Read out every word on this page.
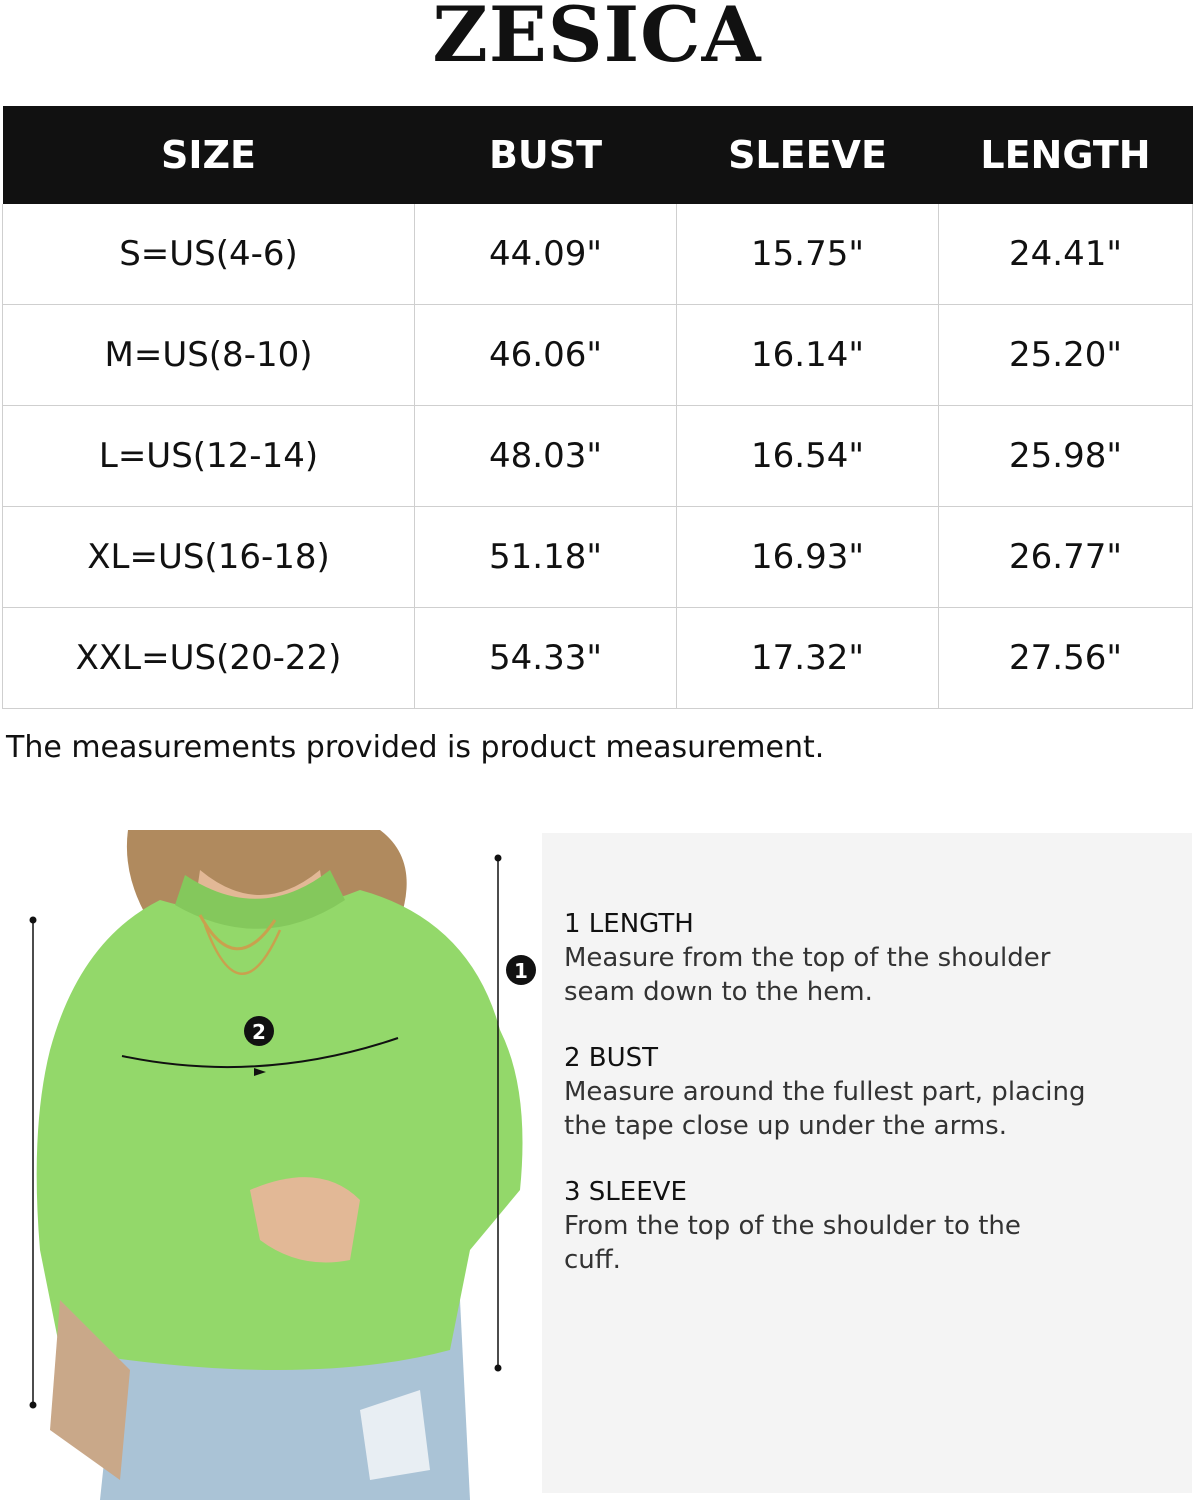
ZESICA
SIZE	BUST	SLEEVE	LENGTH
S=US(4-6)	44.09"	15.75"	24.41"
M=US(8-10)	46.06"	16.14"	25.20"
L=US(12-14)	48.03"	16.54"	25.98"
XL=US(16-18)	51.18"	16.93"	26.77"
XXL=US(20-22)	54.33"	17.32"	27.56"
The measurements provided is product measurement.
1
2

1 LENGTH

Measure from the top of the shoulder

seam down to the hem.

2 BUST

Measure around the fullest part, placing

the tape close up under the arms.

3 SLEEVE

From the top of the shoulder to the

cuff.
